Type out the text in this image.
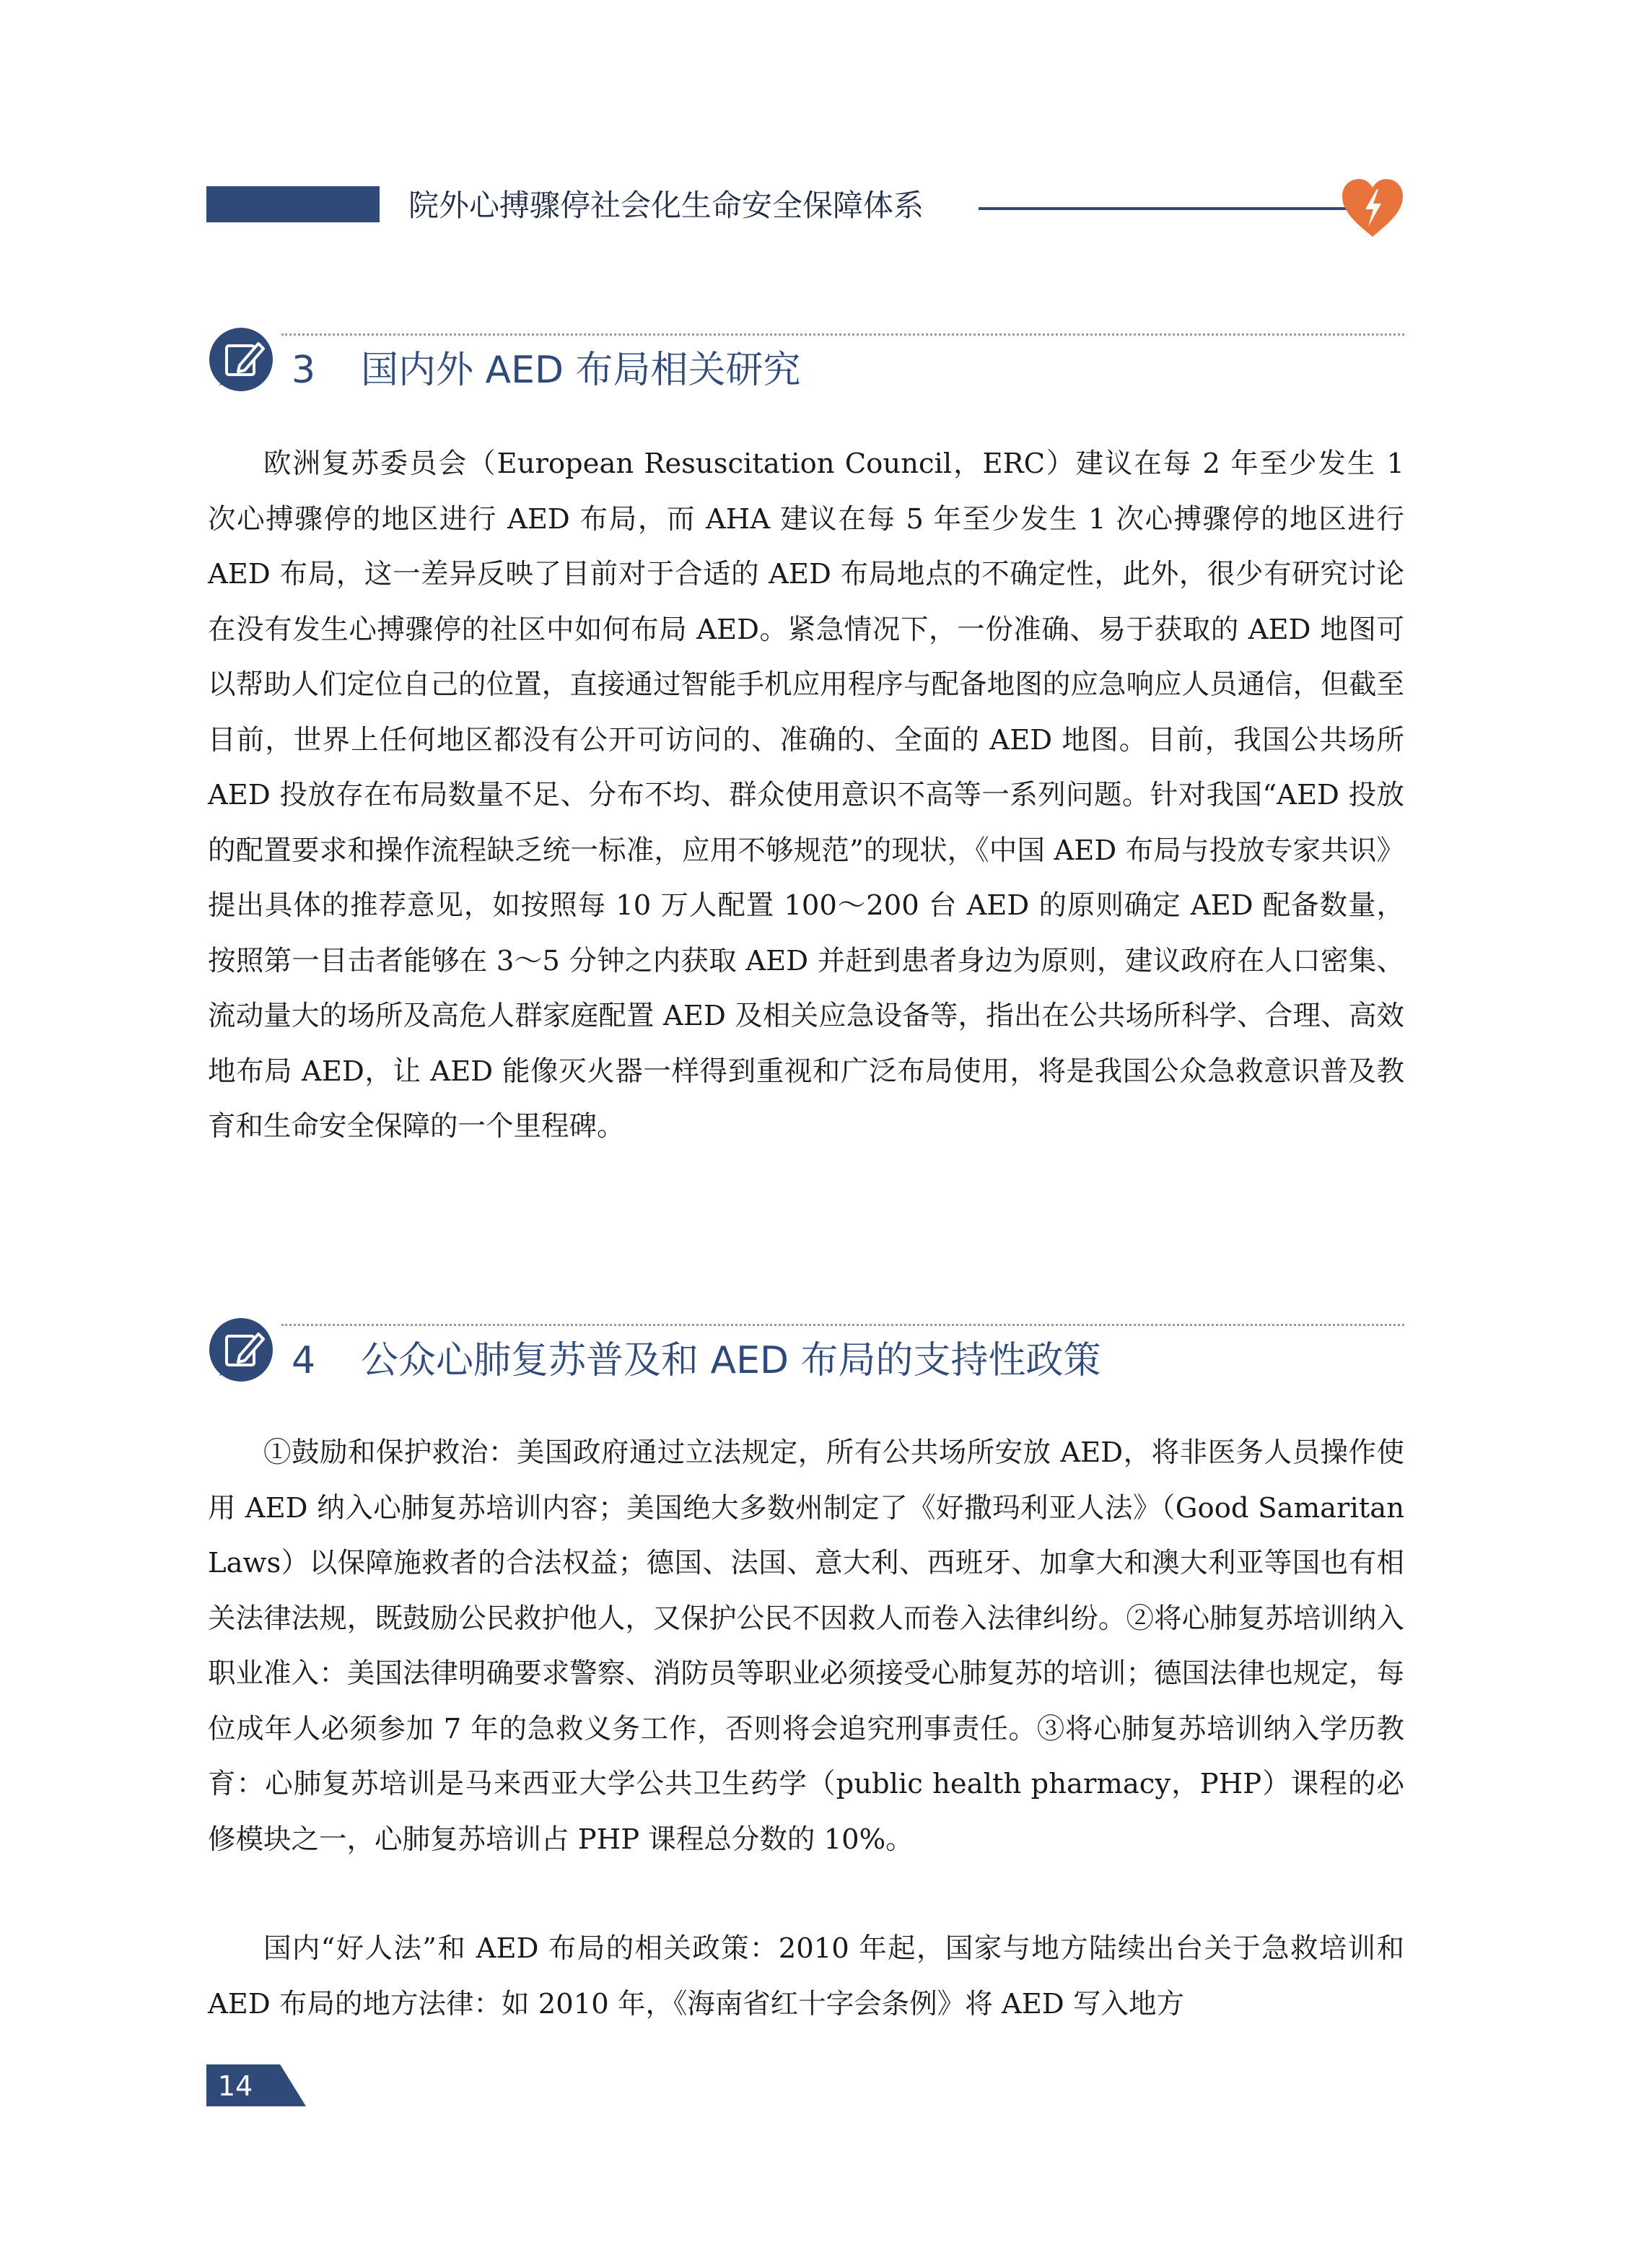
院外心搏骤停社会化生命安全保障体系
3 国内外 AED 布局相关研究

欧洲复苏委员会（European Resuscitation Council，ERC）建议在每 2 年至少发生 1 次心搏骤停的地区进行 AED 布局，而 AHA 建议在每 5 年至少发生 1 次心搏骤停的地区进行 AED 布局，这一差异反映了目前对于合适的 AED 布局地点的不确定性，此外，很少有研究讨论在没有发生心搏骤停的社区中如何布局 AED。紧急情况下，一份准确、易于获取的 AED 地图可以帮助人们定位自己的位置，直接通过智能手机应用程序与配备地图的应急响应人员通信，但截至目前，世界上任何地区都没有公开可访问的、准确的、全面的 AED 地图。目前，我国公共场所 AED 投放存在布局数量不足、分布不均、群众使用意识不高等一系列问题。针对我国“AED 投放的配置要求和操作流程缺乏统一标准，应用不够规范”的现状，《中国 AED 布局与投放专家共识》提出具体的推荐意见，如按照每 10 万人配置 100～200 台 AED 的原则确定 AED 配备数量，按照第一目击者能够在 3～5 分钟之内获取 AED 并赶到患者身边为原则，建议政府在人口密集、流动量大的场所及高危人群家庭配置 AED 及相关应急设备等，指出在公共场所科学、合理、高效地布局 AED，让 AED 能像灭火器一样得到重视和广泛布局使用，将是我国公众急救意识普及教育和生命安全保障的一个里程碑。

4 公众心肺复苏普及和 AED 布局的支持性政策

①鼓励和保护救治：美国政府通过立法规定，所有公共场所安放 AED，将非医务人员操作使用 AED 纳入心肺复苏培训内容；美国绝大多数州制定了《好撒玛利亚人法》（Good Samaritan Laws）以保障施救者的合法权益；德国、法国、意大利、西班牙、加拿大和澳大利亚等国也有相关法律法规，既鼓励公民救护他人，又保护公民不因救人而卷入法律纠纷。②将心肺复苏培训纳入职业准入：美国法律明确要求警察、消防员等职业必须接受心肺复苏的培训；德国法律也规定，每位成年人必须参加 7 年的急救义务工作，否则将会追究刑事责任。③将心肺复苏培训纳入学历教育：心肺复苏培训是马来西亚大学公共卫生药学（public health pharmacy，PHP）课程的必修模块之一，心肺复苏培训占 PHP 课程总分数的 10%。

国内“好人法”和 AED 布局的相关政策：2010 年起，国家与地方陆续出台关于急救培训和 AED 布局的地方法律：如 2010 年，《海南省红十字会条例》将 AED 写入地方

14
